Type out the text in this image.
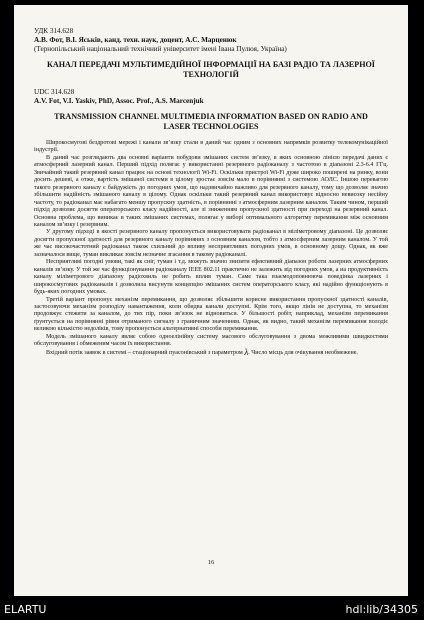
УДК 314.628
А.В. Фот, В.І. Яськів, канд. техн. наук, доцент, А.С. Марценюк
(Тернопільський національний технічний університет імені Івана Пулюя, Україна)
КАНАЛ ПЕРЕДАЧІ МУЛЬТИМЕДІЙНОЇ ІНФОРМАЦІЇ НА БАЗІ РАДІО ТА ЛАЗЕРНОЇ ТЕХНОЛОГІЙ
UDC 314.628
A.V. Fot, V.I. Yaskiv, PhD, Assoc. Prof., A.S. Marcenjuk
TRANSMISSION CHANNEL MULTIMEDIA INFORMATION BASED ON RADIO AND LASER TECHNOLOGIES

Широкосмугові бездротові мережі і канали зв’язку стали в даний час одним з основних напрямків розвитку телекомунікаційної індустрії.

В даний час розглядають два основні варіанти побудови змішаних систем зв’язку, в яких основною лінією передачі даних є атмосферний лазерний канал. Перший підхід полягає у використанні резервного радіоканалу з частотою в діапазоні 2.3-6.4 ГГц. Звичайний такий резервний канал працює на основі технології Wi-Fi. Оскільки пристрої Wi-Fi дуже широко поширені на ринку, вони досить дешеві, а отже, вартість змішаної системи в цілому зростає зовсім мало в порівнянні з системою АОЛС. Іншою перевагою такого резервного каналу є байдужість до погодних умов, що надзвичайно важливо для резервного каналу, тому що дозволяє значно збільшити надійність змішаного каналу в цілому. Однак оскільки такий резервний канал використовує відносно невисоку несійну частоту, то радіоканал має набагато меншу пропускну здатність, в порівнянні з атмосферним лазерним каналом. Таким чином, перший підхід дозволяє досягти операторського класу надійності, але зі зниженням пропускної здатності при переході на резервний канал. Основна проблема, що виникає в таких змішаних системах, полягає у виборі оптимального алгоритму перемикання між основним каналом зв’язку і резервним.

У другому підході в якості резервного каналу пропонується використовувати радіоканал в міліметровому діапазоні. Це дозволяє досягти пропускної здатності для резервного каналу порівняних з основним каналом, тобто з атмосферним лазерним каналом. У той же час високочастотний радіоканал також схильний до впливу несприятливих погодних умов, в основному дощу. Однак, як вже зазначалося вище, туман викликає зовсім незначне згасання в такому радіоканалі.

Несприятливі погодні умови, такі як сніг, туман і т.д. можуть значно знизити ефективний діапазон роботи лазерних атмосферних каналів зв’язку. У той же час функціонування радіоканалу IEEE 802.11 практично не залежить від погодних умов, а на продуктивність каналу міліметрового діапазону радіохвиль не робить вплив туман. Саме така взаємодоповнююча поведінка лазерних і широкосмугових радіоканалів і дозволила висунути концепцію змішаних систем операторського класу, які надійно функціонують в будь-яких погодних умовах.

Третій варіант пропонує механізм перемикання, що дозволяє збільшити корисне використання пропускної здатності каналів, застосовуючи механізм розподілу навантаження, коли обидва канали доступні. Крім того, якщо лінія не доступна, то механізм продовжує стежити за каналом, до тих пір, поки зв’язок не відновиться. У більшості робіт, наприклад, механізм перемикання ґрунтується на порівнянні рівня отриманого сигналу з граничним значенням. Однак, як видно, такий механізм перемикання володіє великою кількістю недоліків, тому пропонується альтернативні способи перемикання.

Модель змішаного каналу являє собою одноелінійну систему масового обслуговування з двома можливими швидкостями обслуговування і обмеженим часом їх використання.

Вхідний потік заявок в системі – стаціонарний пуасонівський з параметром λ. Число місць для очікування необмежене.

16
ELARTU	hdl:lib/34305
